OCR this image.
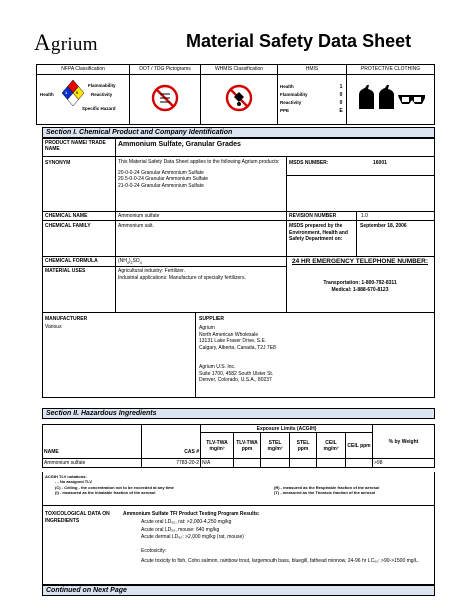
Agrium	Material Safety Data Sheet
NFPA Classification	DOT / TDG Pictograms	WHMIS Classification	HMIS	PROTECTIVE CLOTHING

Flammability
Health	Reactivity
Specific Hazard
1 0

Health	1
Flammability	0
Reactivity	0
PPE	E

Section I. Chemical Product and Company Identification
PRODUCT NAME/ TRADE NAME
Ammonium Sulfate, Granular Grades
SYNONYM	This Material Safety Data Sheet applies to the following Agrium products:
20-0-0-24 Granular Ammonium Sulfate
20.5-0-0-24 Granular Ammonium Sulfate
21-0-0-24 Granular Ammonium Sulfate
MSDS NUMBER:	16001
CHEMICAL NAME	Ammonium sulfate	REVISION NUMBER	1.0
CHEMICAL FAMILY	Ammonium salt.	MSDS prepared by the Environment, Health and Safety Department on:
September 18, 2006
CHEMICAL FORMULA	$(NH_4)_2SO_4$
MATERIAL USES	Agricultural industry: Fertilizer.
Industrial applications: Manufacture of specialty fertilizers.
24 HR EMERGENCY TELEPHONE NUMBER:
Transportation: 1-800-792-8311
Medical: 1-888-670-8123
MANUFACTURER
Various
SUPPLIER
Agrium
North American Wholesale
13131 Lake Fraser Drive, S.E.
Calgary, Alberta, Canada, T2J 7E8
Agrium U.S. Inc.
Suite 1700, 4582 South Ulster St.
Denver, Colorado, U.S.A., 80237
Section II. Hazardous Ingredients
NAME	CAS #	Exposure Limits (ACGIH)						% by Weight
		TLV-TWA mg/m³	TLV-TWA ppm	STEL mg/m³	STEL ppm	CEIL mg/m³	CEIL ppm	
Ammonium sulfate	7783-20-2	N/A						>98
ACGIH TLV notations:
- - No assigned TLV
(C) - Ceiling - the concentration not to be exceeded at any time
(I) - measured as the inhalable fraction of the aerosol
(R) - measured as the Respirable fraction of the aerosol
(T) - measured as the Thoracic fraction of the aerosol
TOXICOLOGICAL DATA ON INGREDIENTS
Ammonium Sulfate TFI Product Testing Program Results:
Acute oral LD₅₀, rat: >2,000-4,250 mg/kg
Acute oral LD₅₀, mouse: 640 mg/kg
Acute dermal LD₅₀: >2,000 mg/kg (rat, mouse)
Ecotoxicity:
Acute toxicity to fish, Coho salmon, rainbow trout, largemouth bass, bluegill, fathead minnow, 24-96 hr LC₅₀: >90->1500 mg/L.
Continued on Next Page
